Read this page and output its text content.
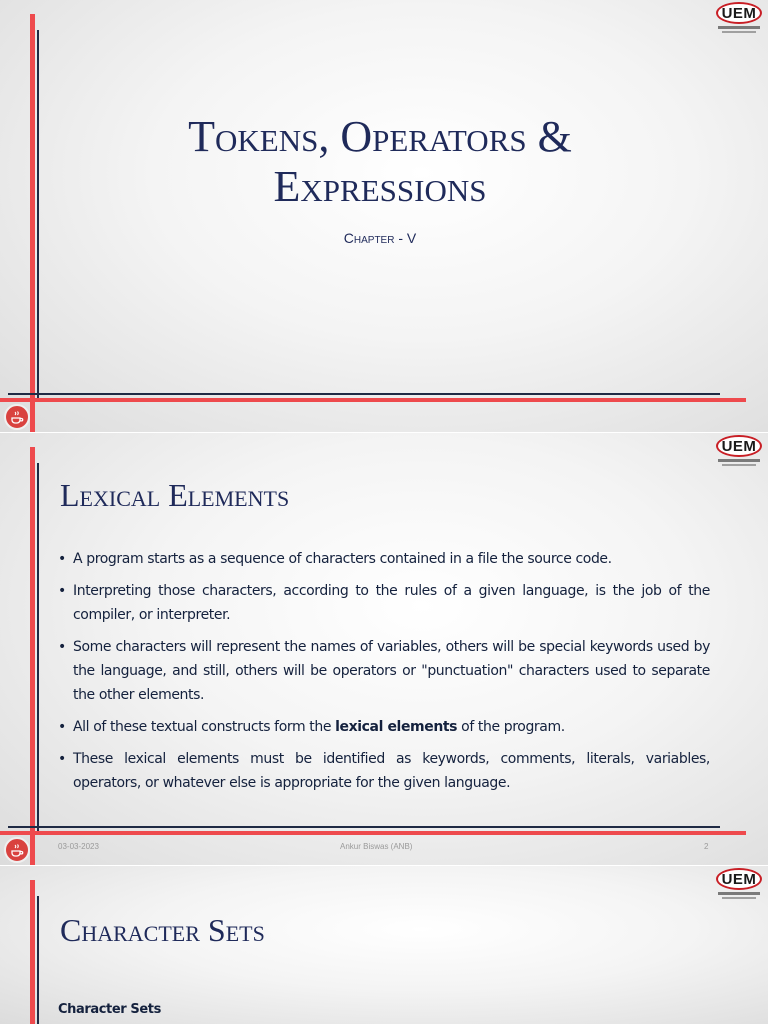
UEM
Tokens, Operators &
Expressions
Chapter - V
UEM
Lexical Elements
• A program starts as a sequence of characters contained in a file the source code.
• Interpreting those characters, according to the rules of a given language, is the job of the compiler, or interpreter.
• Some characters will represent the names of variables, others will be special keywords used by the language, and still, others will be operators or "punctuation" characters used to separate the other elements.
• All of these textual constructs form the lexical elements of the program.
• These lexical elements must be identified as keywords, comments, literals, variables, operators, or whatever else is appropriate for the given language.
03-03-2023	Ankur Biswas (ANB)	2
UEM
Character Sets
Character Sets
